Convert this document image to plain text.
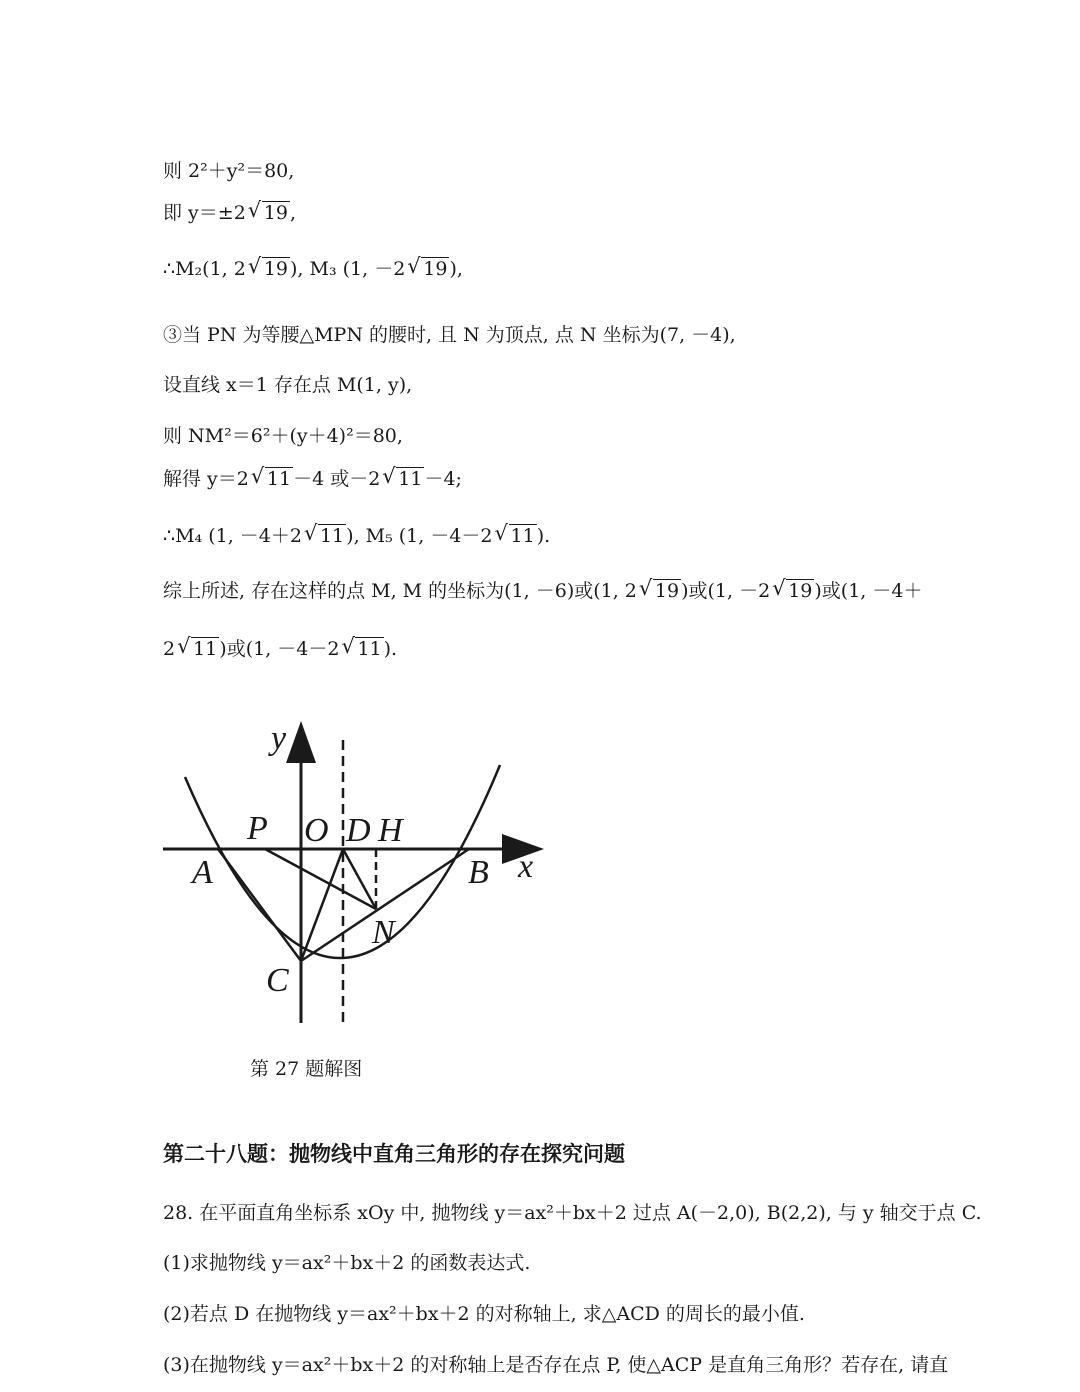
则 2²＋y²＝80,
即 y＝±2 √ 19 ,
∴M₂(1, 2 √ 19 ), M₃ (1, －2 √ 19 ),
③当 PN 为等腰△MPN 的腰时, 且 N 为顶点, 点 N 坐标为(7, －4),
设直线 x＝1 存在点 M(1, y),
则 NM²＝6²＋(y＋4)²＝80,
解得 y＝2 √ 11 －4 或－2 √ 11 －4;
∴M₄ (1, －4＋2 √ 11 ), M₅ (1, －4－2 √ 11 ).
综上所述, 存在这样的点 M, M 的坐标为(1, －6)或(1, 2 √ 19 )或(1, －2 √ 19 )或(1, －4＋
2 √ 11 )或(1, －4－2 √ 11 ).
y
x
P O D H
A	B
N
C
第 27 题解图
第二十八题：抛物线中直角三角形的存在探究问题
28. 在平面直角坐标系 xOy 中, 抛物线 y＝ax²＋bx＋2 过点 A(－2,0), B(2,2), 与 y 轴交于点 C.
(1)求抛物线 y＝ax²＋bx＋2 的函数表达式.
(2)若点 D 在抛物线 y＝ax²＋bx＋2 的对称轴上, 求△ACD 的周长的最小值.
(3)在抛物线 y＝ax²＋bx＋2 的对称轴上是否存在点 P, 使△ACP 是直角三角形？若存在, 请直
